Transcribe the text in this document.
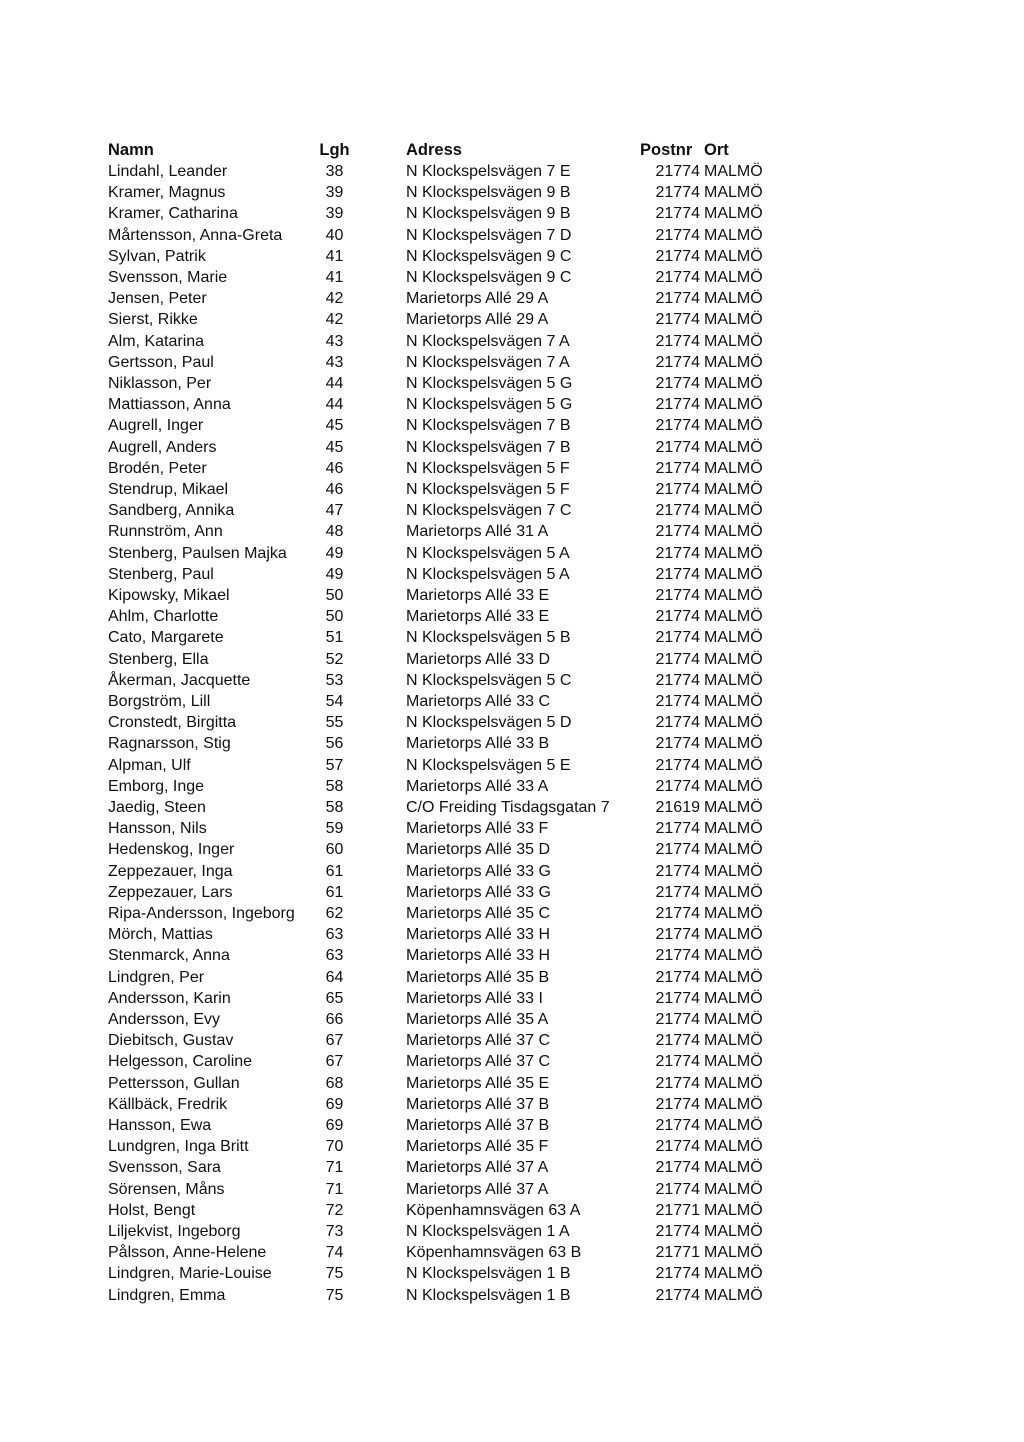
Namn	Lgh	Adress	Postnr Ort
Lindahl, Leander	38	N Klockspelsvägen 7 E	21774 MALMÖ
Kramer, Magnus	39	N Klockspelsvägen 9 B	21774 MALMÖ
Kramer, Catharina	39	N Klockspelsvägen 9 B	21774 MALMÖ
Mårtensson, Anna-Greta	40	N Klockspelsvägen 7 D	21774 MALMÖ
Sylvan, Patrik	41	N Klockspelsvägen 9 C	21774 MALMÖ
Svensson, Marie	41	N Klockspelsvägen 9 C	21774 MALMÖ
Jensen, Peter	42	Marietorps Allé 29 A	21774 MALMÖ
Sierst, Rikke	42	Marietorps Allé 29 A	21774 MALMÖ
Alm, Katarina	43	N Klockspelsvägen 7 A	21774 MALMÖ
Gertsson, Paul	43	N Klockspelsvägen 7 A	21774 MALMÖ
Niklasson, Per	44	N Klockspelsvägen 5 G	21774 MALMÖ
Mattiasson, Anna	44	N Klockspelsvägen 5 G	21774 MALMÖ
Augrell, Inger	45	N Klockspelsvägen 7 B	21774 MALMÖ
Augrell, Anders	45	N Klockspelsvägen 7 B	21774 MALMÖ
Brodén, Peter	46	N Klockspelsvägen 5 F	21774 MALMÖ
Stendrup, Mikael	46	N Klockspelsvägen 5 F	21774 MALMÖ
Sandberg, Annika	47	N Klockspelsvägen 7 C	21774 MALMÖ
Runnström, Ann	48	Marietorps Allé 31 A	21774 MALMÖ
Stenberg, Paulsen Majka	49	N Klockspelsvägen 5 A	21774 MALMÖ
Stenberg, Paul	49	N Klockspelsvägen 5 A	21774 MALMÖ
Kipowsky, Mikael	50	Marietorps Allé 33 E	21774 MALMÖ
Ahlm, Charlotte	50	Marietorps Allé 33 E	21774 MALMÖ
Cato, Margarete	51	N Klockspelsvägen 5 B	21774 MALMÖ
Stenberg, Ella	52	Marietorps Allé 33 D	21774 MALMÖ
Åkerman, Jacquette	53	N Klockspelsvägen 5 C	21774 MALMÖ
Borgström, Lill	54	Marietorps Allé 33 C	21774 MALMÖ
Cronstedt, Birgitta	55	N Klockspelsvägen 5 D	21774 MALMÖ
Ragnarsson, Stig	56	Marietorps Allé 33 B	21774 MALMÖ
Alpman, Ulf	57	N Klockspelsvägen 5 E	21774 MALMÖ
Emborg, Inge	58	Marietorps Allé 33 A	21774 MALMÖ
Jaedig, Steen	58	C/O Freiding Tisdagsgatan 7	21619 MALMÖ
Hansson, Nils	59	Marietorps Allé 33 F	21774 MALMÖ
Hedenskog, Inger	60	Marietorps Allé 35 D	21774 MALMÖ
Zeppezauer, Inga	61	Marietorps Allé 33 G	21774 MALMÖ
Zeppezauer, Lars	61	Marietorps Allé 33 G	21774 MALMÖ
Ripa-Andersson, Ingeborg	62	Marietorps Allé 35 C	21774 MALMÖ
Mörch, Mattias	63	Marietorps Allé 33 H	21774 MALMÖ
Stenmarck, Anna	63	Marietorps Allé 33 H	21774 MALMÖ
Lindgren, Per	64	Marietorps Allé 35 B	21774 MALMÖ
Andersson, Karin	65	Marietorps Allé 33 I	21774 MALMÖ
Andersson, Evy	66	Marietorps Allé 35 A	21774 MALMÖ
Diebitsch, Gustav	67	Marietorps Allé 37 C	21774 MALMÖ
Helgesson, Caroline	67	Marietorps Allé 37 C	21774 MALMÖ
Pettersson, Gullan	68	Marietorps Allé 35 E	21774 MALMÖ
Källbäck, Fredrik	69	Marietorps Allé 37 B	21774 MALMÖ
Hansson, Ewa	69	Marietorps Allé 37 B	21774 MALMÖ
Lundgren, Inga Britt	70	Marietorps Allé 35 F	21774 MALMÖ
Svensson, Sara	71	Marietorps Allé 37 A	21774 MALMÖ
Sörensen, Måns	71	Marietorps Allé 37 A	21774 MALMÖ
Holst, Bengt	72	Köpenhamnsvägen 63 A	21771 MALMÖ
Liljekvist, Ingeborg	73	N Klockspelsvägen 1 A	21774 MALMÖ
Pålsson, Anne-Helene	74	Köpenhamnsvägen 63 B	21771 MALMÖ
Lindgren, Marie-Louise	75	N Klockspelsvägen 1 B	21774 MALMÖ
Lindgren, Emma	75	N Klockspelsvägen 1 B	21774 MALMÖ
